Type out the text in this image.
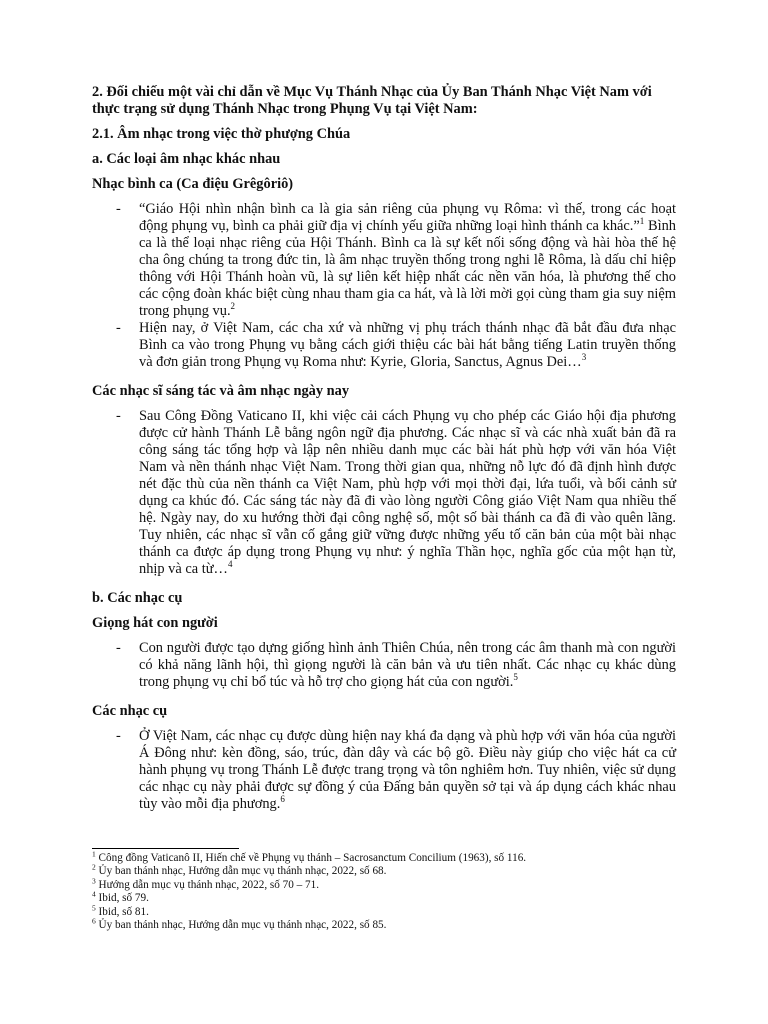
2. Đối chiếu một vài chỉ dẫn về Mục Vụ Thánh Nhạc của Ủy Ban Thánh Nhạc Việt Nam với thực trạng sử dụng Thánh Nhạc trong Phụng Vụ tại Việt Nam:

2.1. Âm nhạc trong việc thờ phượng Chúa

a. Các loại âm nhạc khác nhau

Nhạc bình ca (Ca điệu Grêgôriô)

- “Giáo Hội nhìn nhận bình ca là gia sản riêng của phụng vụ Rôma: vì thế, trong các hoạt động phụng vụ, bình ca phải giữ địa vị chính yếu giữa những loại hình thánh ca khác.”$^1$ Bình ca là thể loại nhạc riêng của Hội Thánh. Bình ca là sự kết nối sống động và hài hòa thế hệ cha ông chúng ta trong đức tin, là âm nhạc truyền thống trong nghi lễ Rôma, là dấu chỉ hiệp thông với Hội Thánh hoàn vũ, là sự liên kết hiệp nhất các nền văn hóa, là phương thế cho các cộng đoàn khác biệt cùng nhau tham gia ca hát, và là lời mời gọi cùng tham gia suy niệm trong phụng vụ.$^2$
- Hiện nay, ở Việt Nam, các cha xứ và những vị phụ trách thánh nhạc đã bắt đầu đưa nhạc Bình ca vào trong Phụng vụ bằng cách giới thiệu các bài hát bằng tiếng Latin truyền thống và đơn giản trong Phụng vụ Roma như: Kyrie, Gloria, Sanctus, Agnus Dei…$^3$

Các nhạc sĩ sáng tác và âm nhạc ngày nay

- Sau Công Đồng Vaticano II, khi việc cải cách Phụng vụ cho phép các Giáo hội địa phương được cử hành Thánh Lễ bằng ngôn ngữ địa phương. Các nhạc sĩ và các nhà xuất bản đã ra công sáng tác tổng hợp và lập nên nhiều danh mục các bài hát phù hợp với văn hóa Việt Nam và nền thánh nhạc Việt Nam. Trong thời gian qua, những nỗ lực đó đã định hình được nét đặc thù của nền thánh ca Việt Nam, phù hợp với mọi thời đại, lứa tuổi, và bối cảnh sử dụng ca khúc đó. Các sáng tác này đã đi vào lòng người Công giáo Việt Nam qua nhiều thế hệ. Ngày nay, do xu hướng thời đại công nghệ số, một số bài thánh ca đã đi vào quên lãng. Tuy nhiên, các nhạc sĩ vẫn cố gắng giữ vững được những yếu tố căn bản của một bài nhạc thánh ca được áp dụng trong Phụng vụ như: ý nghĩa Thần học, nghĩa gốc của một hạn từ, nhịp và ca từ…$^4$

b. Các nhạc cụ

Giọng hát con người

- Con người được tạo dựng giống hình ảnh Thiên Chúa, nên trong các âm thanh mà con người có khả năng lãnh hội, thì giọng người là căn bản và ưu tiên nhất. Các nhạc cụ khác dùng trong phụng vụ chỉ bổ túc và hỗ trợ cho giọng hát của con người.$^5$

Các nhạc cụ

- Ở Việt Nam, các nhạc cụ được dùng hiện nay khá đa dạng và phù hợp với văn hóa của người Á Đông như: kèn đồng, sáo, trúc, đàn dây và các bộ gõ. Điều này giúp cho việc hát ca cử hành phụng vụ trong Thánh Lễ được trang trọng và tôn nghiêm hơn. Tuy nhiên, việc sử dụng các nhạc cụ này phải được sự đồng ý của Đấng bản quyền sở tại và áp dụng cách khác nhau tùy vào mỗi địa phương.$^6$
$^1$ Công đồng Vaticanô II, Hiến chế về Phụng vụ thánh – Sacrosanctum Concilium (1963), số 116.
$^2$ Ủy ban thánh nhạc, Hướng dẫn mục vụ thánh nhạc, 2022, số 68.
$^3$ Hướng dẫn mục vụ thánh nhạc, 2022, số 70 – 71.
$^4$ Ibid, số 79.
$^5$ Ibid, số 81.
$^6$ Ủy ban thánh nhạc, Hướng dẫn mục vụ thánh nhạc, 2022, số 85.
